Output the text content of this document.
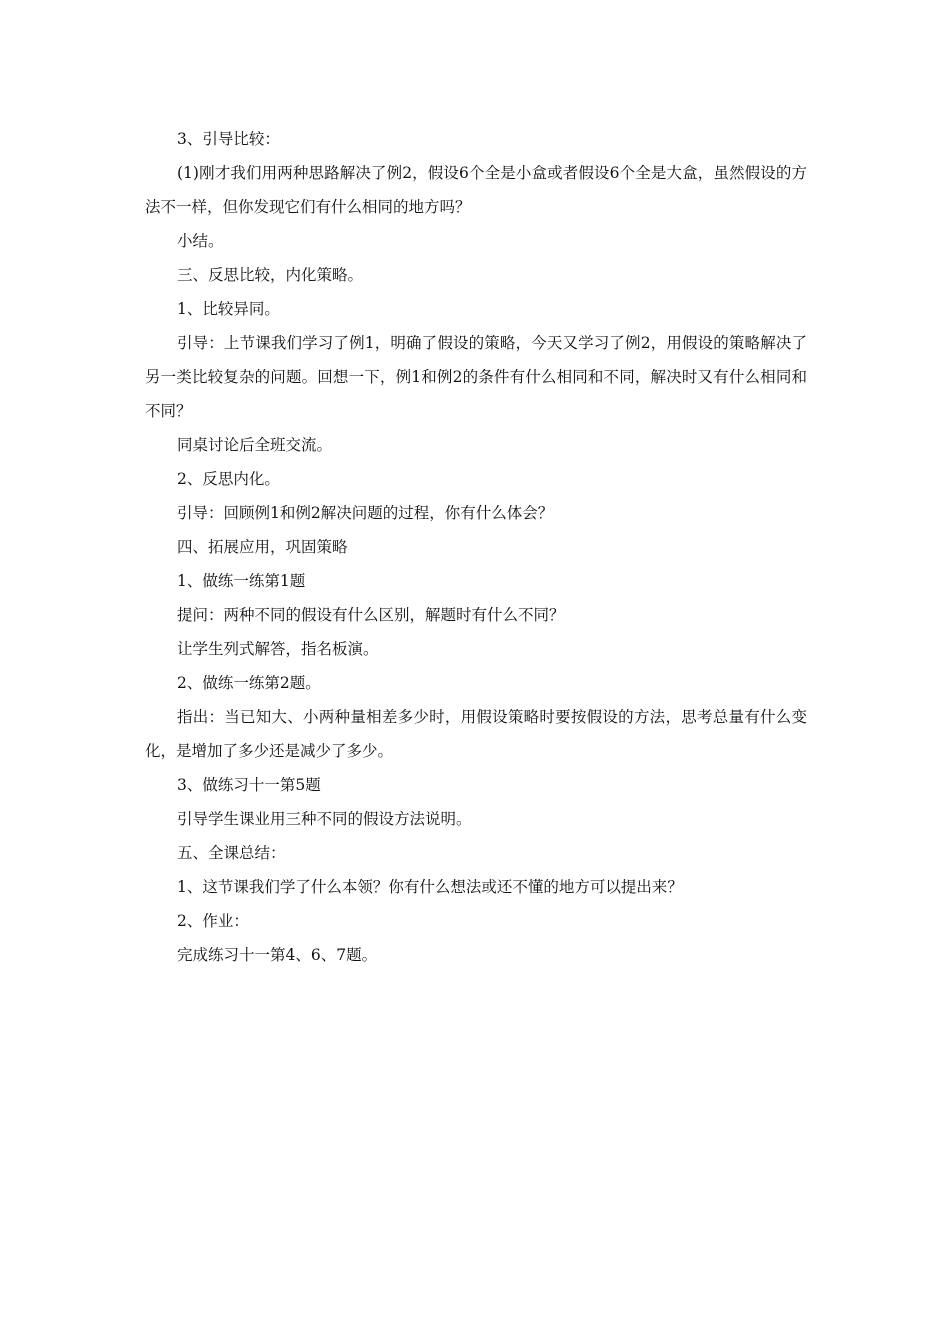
3、引导比较：

(1)刚才我们用两种思路解决了例2，假设6个全是小盒或者假设6个全是大盒，虽然假设的方法不一样，但你发现它们有什么相同的地方吗？

小结。

三、反思比较，内化策略。

1、比较异同。

引导：上节课我们学习了例1，明确了假设的策略，今天又学习了例2，用假设的策略解决了另一类比较复杂的问题。回想一下，例1和例2的条件有什么相同和不同，解决时又有什么相同和不同？

同桌讨论后全班交流。

2、反思内化。

引导：回顾例1和例2解决问题的过程，你有什么体会？

四、拓展应用，巩固策略

1、做练一练第1题

提问：两种不同的假设有什么区别，解题时有什么不同？

让学生列式解答，指名板演。

2、做练一练第2题。

指出：当已知大、小两种量相差多少时，用假设策略时要按假设的方法，思考总量有什么变化，是增加了多少还是减少了多少。

3、做练习十一第5题

引导学生课业用三种不同的假设方法说明。

五、全课总结：

1、这节课我们学了什么本领？你有什么想法或还不懂的地方可以提出来？

2、作业：

完成练习十一第4、6、7题。
